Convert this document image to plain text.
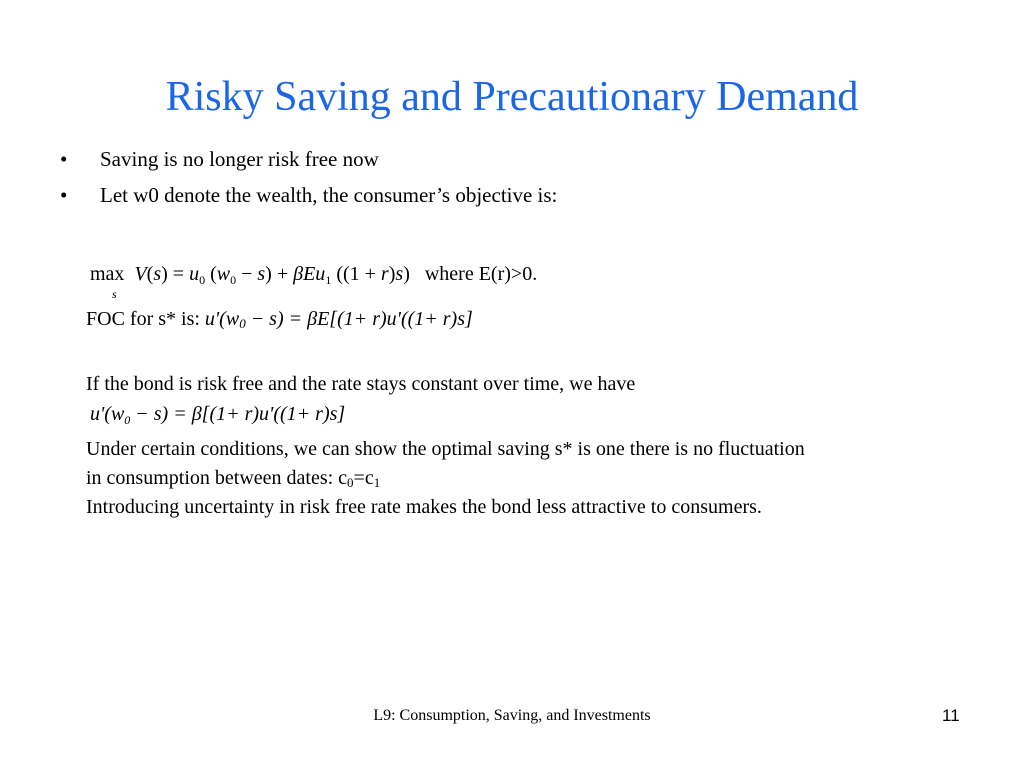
Risky Saving and Precautionary Demand
• Saving is no longer risk free now
• Let w0 denote the wealth, the consumer’s objective is:
max
s
$V(s) = u_0$ $(w_0 - s) + \beta Eu_1$ ((1 + r)s) where E(r)>0.
FOC for s* is: $u'(w_0 - s) = \beta E[(1+ r)u'((1+ r)s]$
If the bond is risk free and the rate stays constant over time, we have
$u'(w_0 - s) = \beta[(1+ r)u'((1+ r)s]$
Under certain conditions, we can show the optimal saving s* is one there is no fluctuation
in consumption between dates: $c_0=c_1$
Introducing uncertainty in risk free rate makes the bond less attractive to consumers.
L9: Consumption, Saving, and Investments	11
